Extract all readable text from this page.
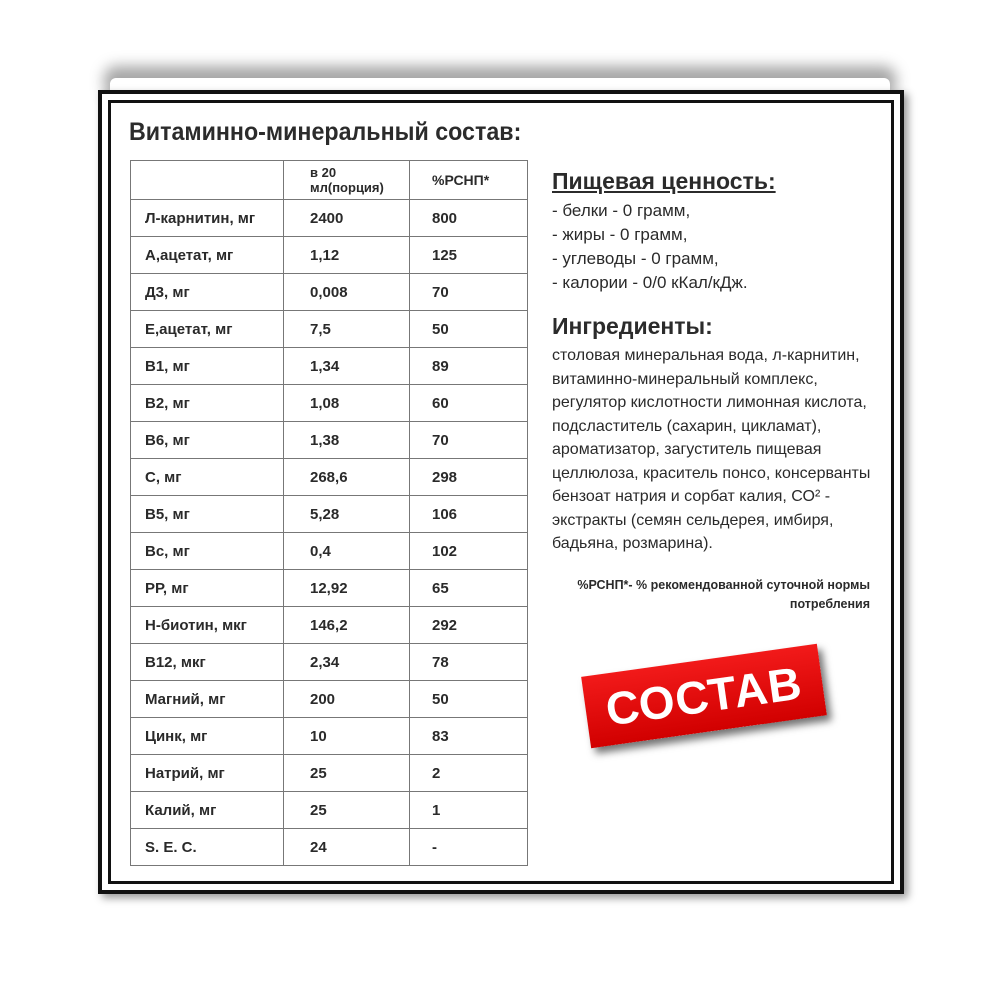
Витаминно-минеральный состав:
	в 20 мл(порция)	%РСНП*
Л-карнитин, мг	2400	800
А,ацетат, мг	1,12	125
Д3, мг	0,008	70
Е,ацетат, мг	7,5	50
В1, мг	1,34	89
В2, мг	1,08	60
В6, мг	1,38	70
С, мг	268,6	298
В5, мг	5,28	106
Вс, мг	0,4	102
РР, мг	12,92	65
Н-биотин, мкг	146,2	292
В12, мкг	2,34	78
Магний, мг	200	50
Цинк, мг	10	83
Натрий, мг	25	2
Калий, мг	25	1
S. E. C.	24	-
Пищевая ценность:
- белки - 0 грамм,
- жиры - 0 грамм,
- углеводы - 0 грамм,
- калории - 0/0 кКал/кДж.
Ингредиенты:
столовая минеральная вода, л-карнитин,
витаминно-минеральный комплекс,
регулятор кислотности лимонная кислота,
подсластитель (сахарин, цикламат),
ароматизатор, загуститель пищевая
целлюлоза, краситель понсо, консерванты
бензоат натрия и сорбат калия, СО² -
экстракты (семян сельдерея, имбиря,
бадьяна, розмарина).
%РСНП*- % рекомендованной суточной нормы
потребления
СОСТАВ
